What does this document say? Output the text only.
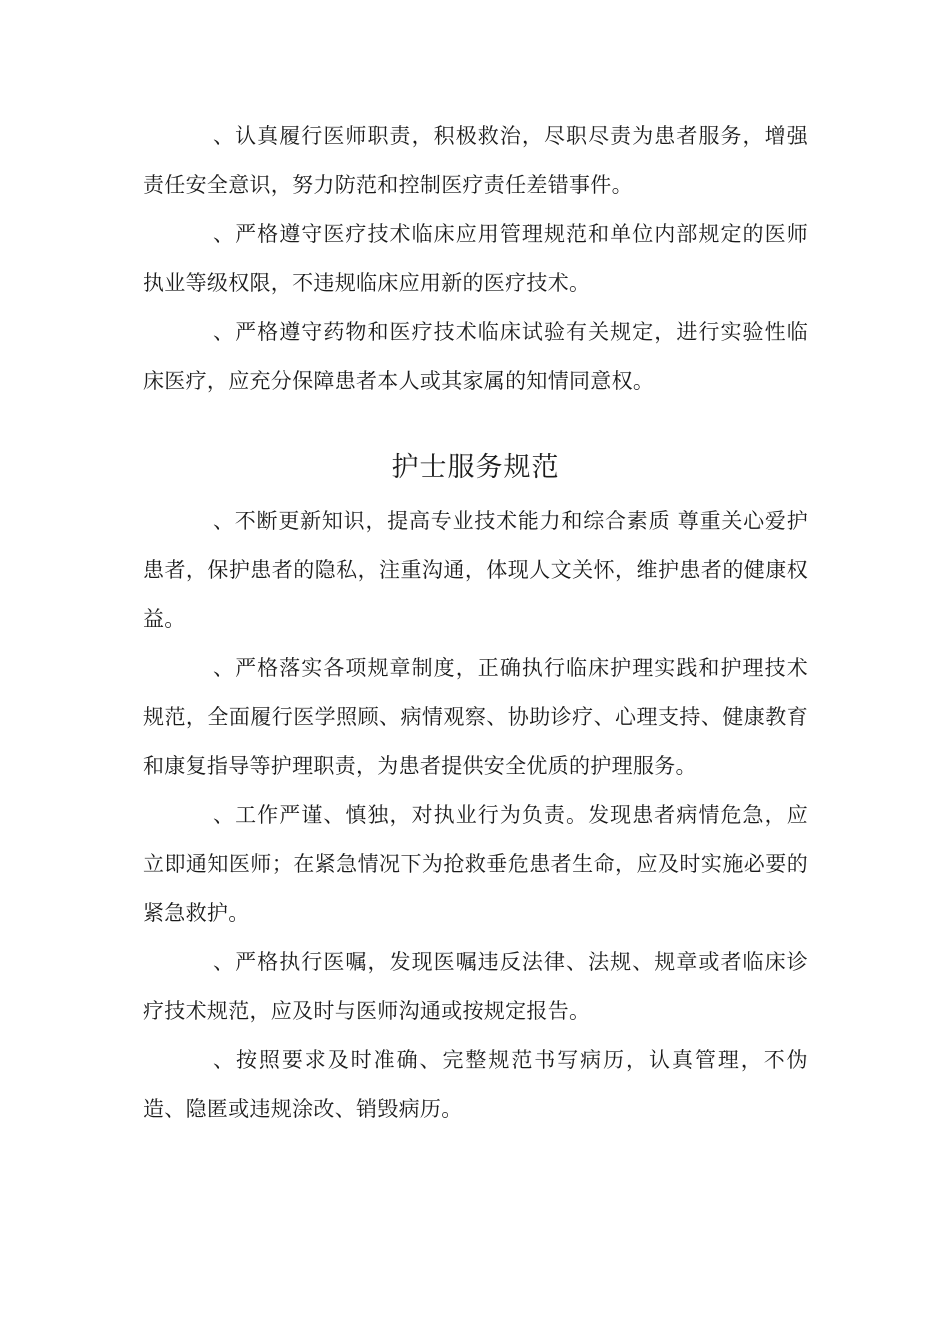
、认真履行医师职责，积极救治，尽职尽责为患者服务，增强责任安全意识，努力防范和控制医疗责任差错事件。

、严格遵守医疗技术临床应用管理规范和单位内部规定的医师执业等级权限，不违规临床应用新的医疗技术。

、严格遵守药物和医疗技术临床试验有关规定，进行实验性临床医疗，应充分保障患者本人或其家属的知情同意权。

护士服务规范

、不断更新知识，提高专业技术能力和综合素质 尊重关心爱护患者，保护患者的隐私，注重沟通，体现人文关怀，维护患者的健康权益。

、严格落实各项规章制度，正确执行临床护理实践和护理技术规范，全面履行医学照顾、病情观察、协助诊疗、心理支持、健康教育和康复指导等护理职责，为患者提供安全优质的护理服务。

、工作严谨、慎独，对执业行为负责。发现患者病情危急，应立即通知医师；在紧急情况下为抢救垂危患者生命，应及时实施必要的紧急救护。

、严格执行医嘱，发现医嘱违反法律、法规、规章或者临床诊疗技术规范，应及时与医师沟通或按规定报告。

、按照要求及时准确、完整规范书写病历，认真管理，不伪造、隐匿或违规涂改、销毁病历。
